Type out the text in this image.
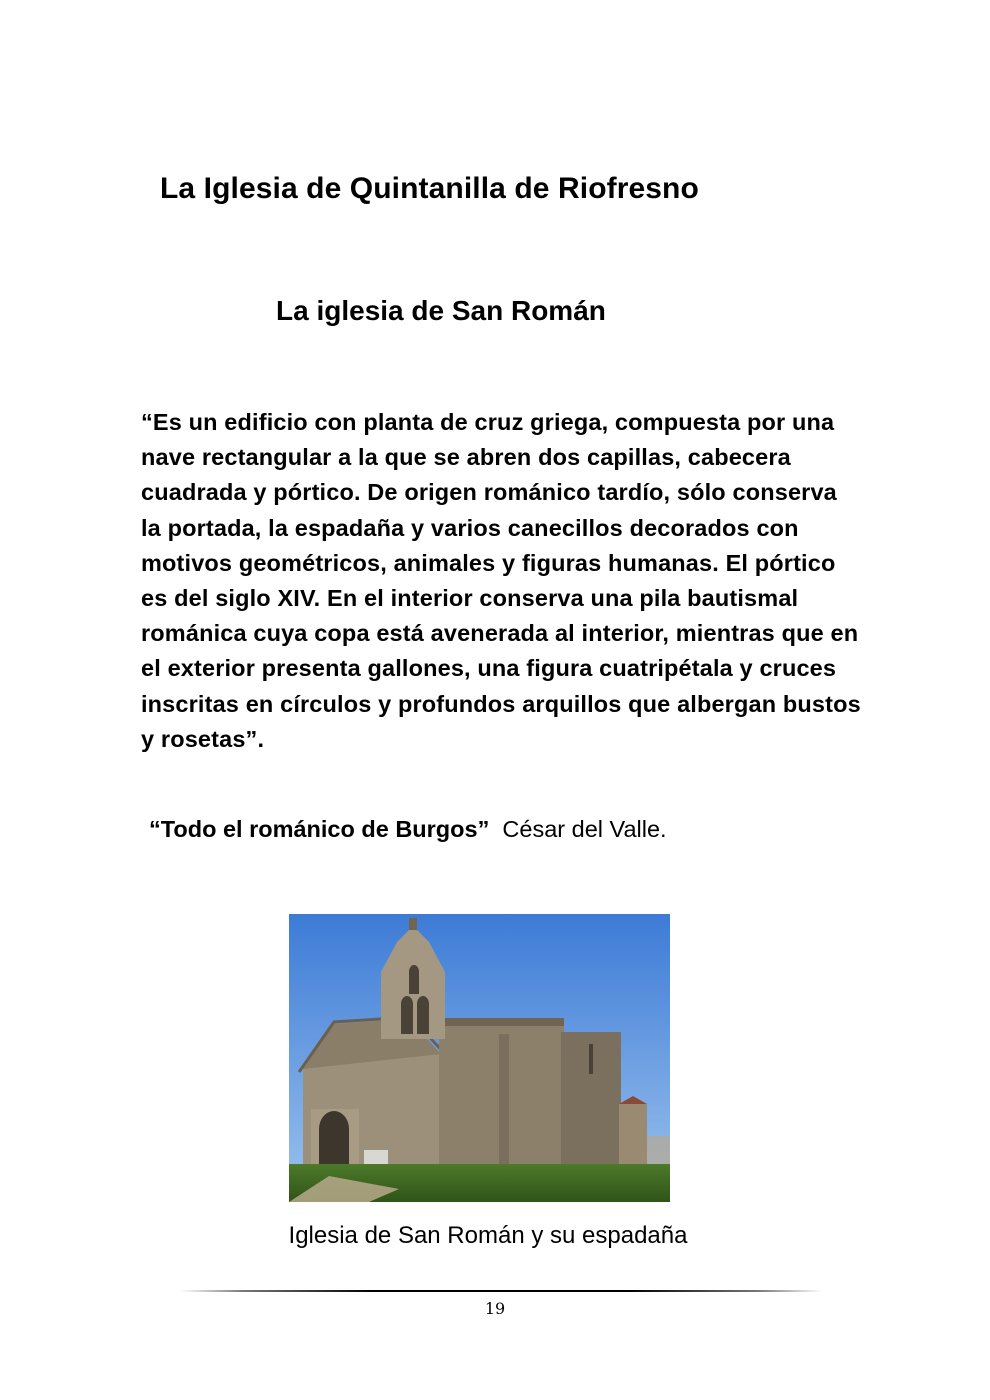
La Iglesia de Quintanilla de Riofresno
La iglesia de San Román

“Es un edificio con planta de cruz griega, compuesta por una nave rectangular a la que se abren dos capillas, cabecera cuadrada y pórtico. De origen románico tardío, sólo conserva la portada, la espadaña y varios canecillos decorados con motivos geométricos, animales y figuras humanas. El pórtico es del siglo XIV. En el interior conserva una pila bautismal románica cuya copa está avenerada al interior, mientras que en el exterior presenta gallones, una figura cuatripétala y cruces inscritas en círculos y profundos arquillos que albergan bustos y rosetas”.

“Todo el románico de Burgos” César del Valle.

Iglesia de San Román y su espadaña

19
